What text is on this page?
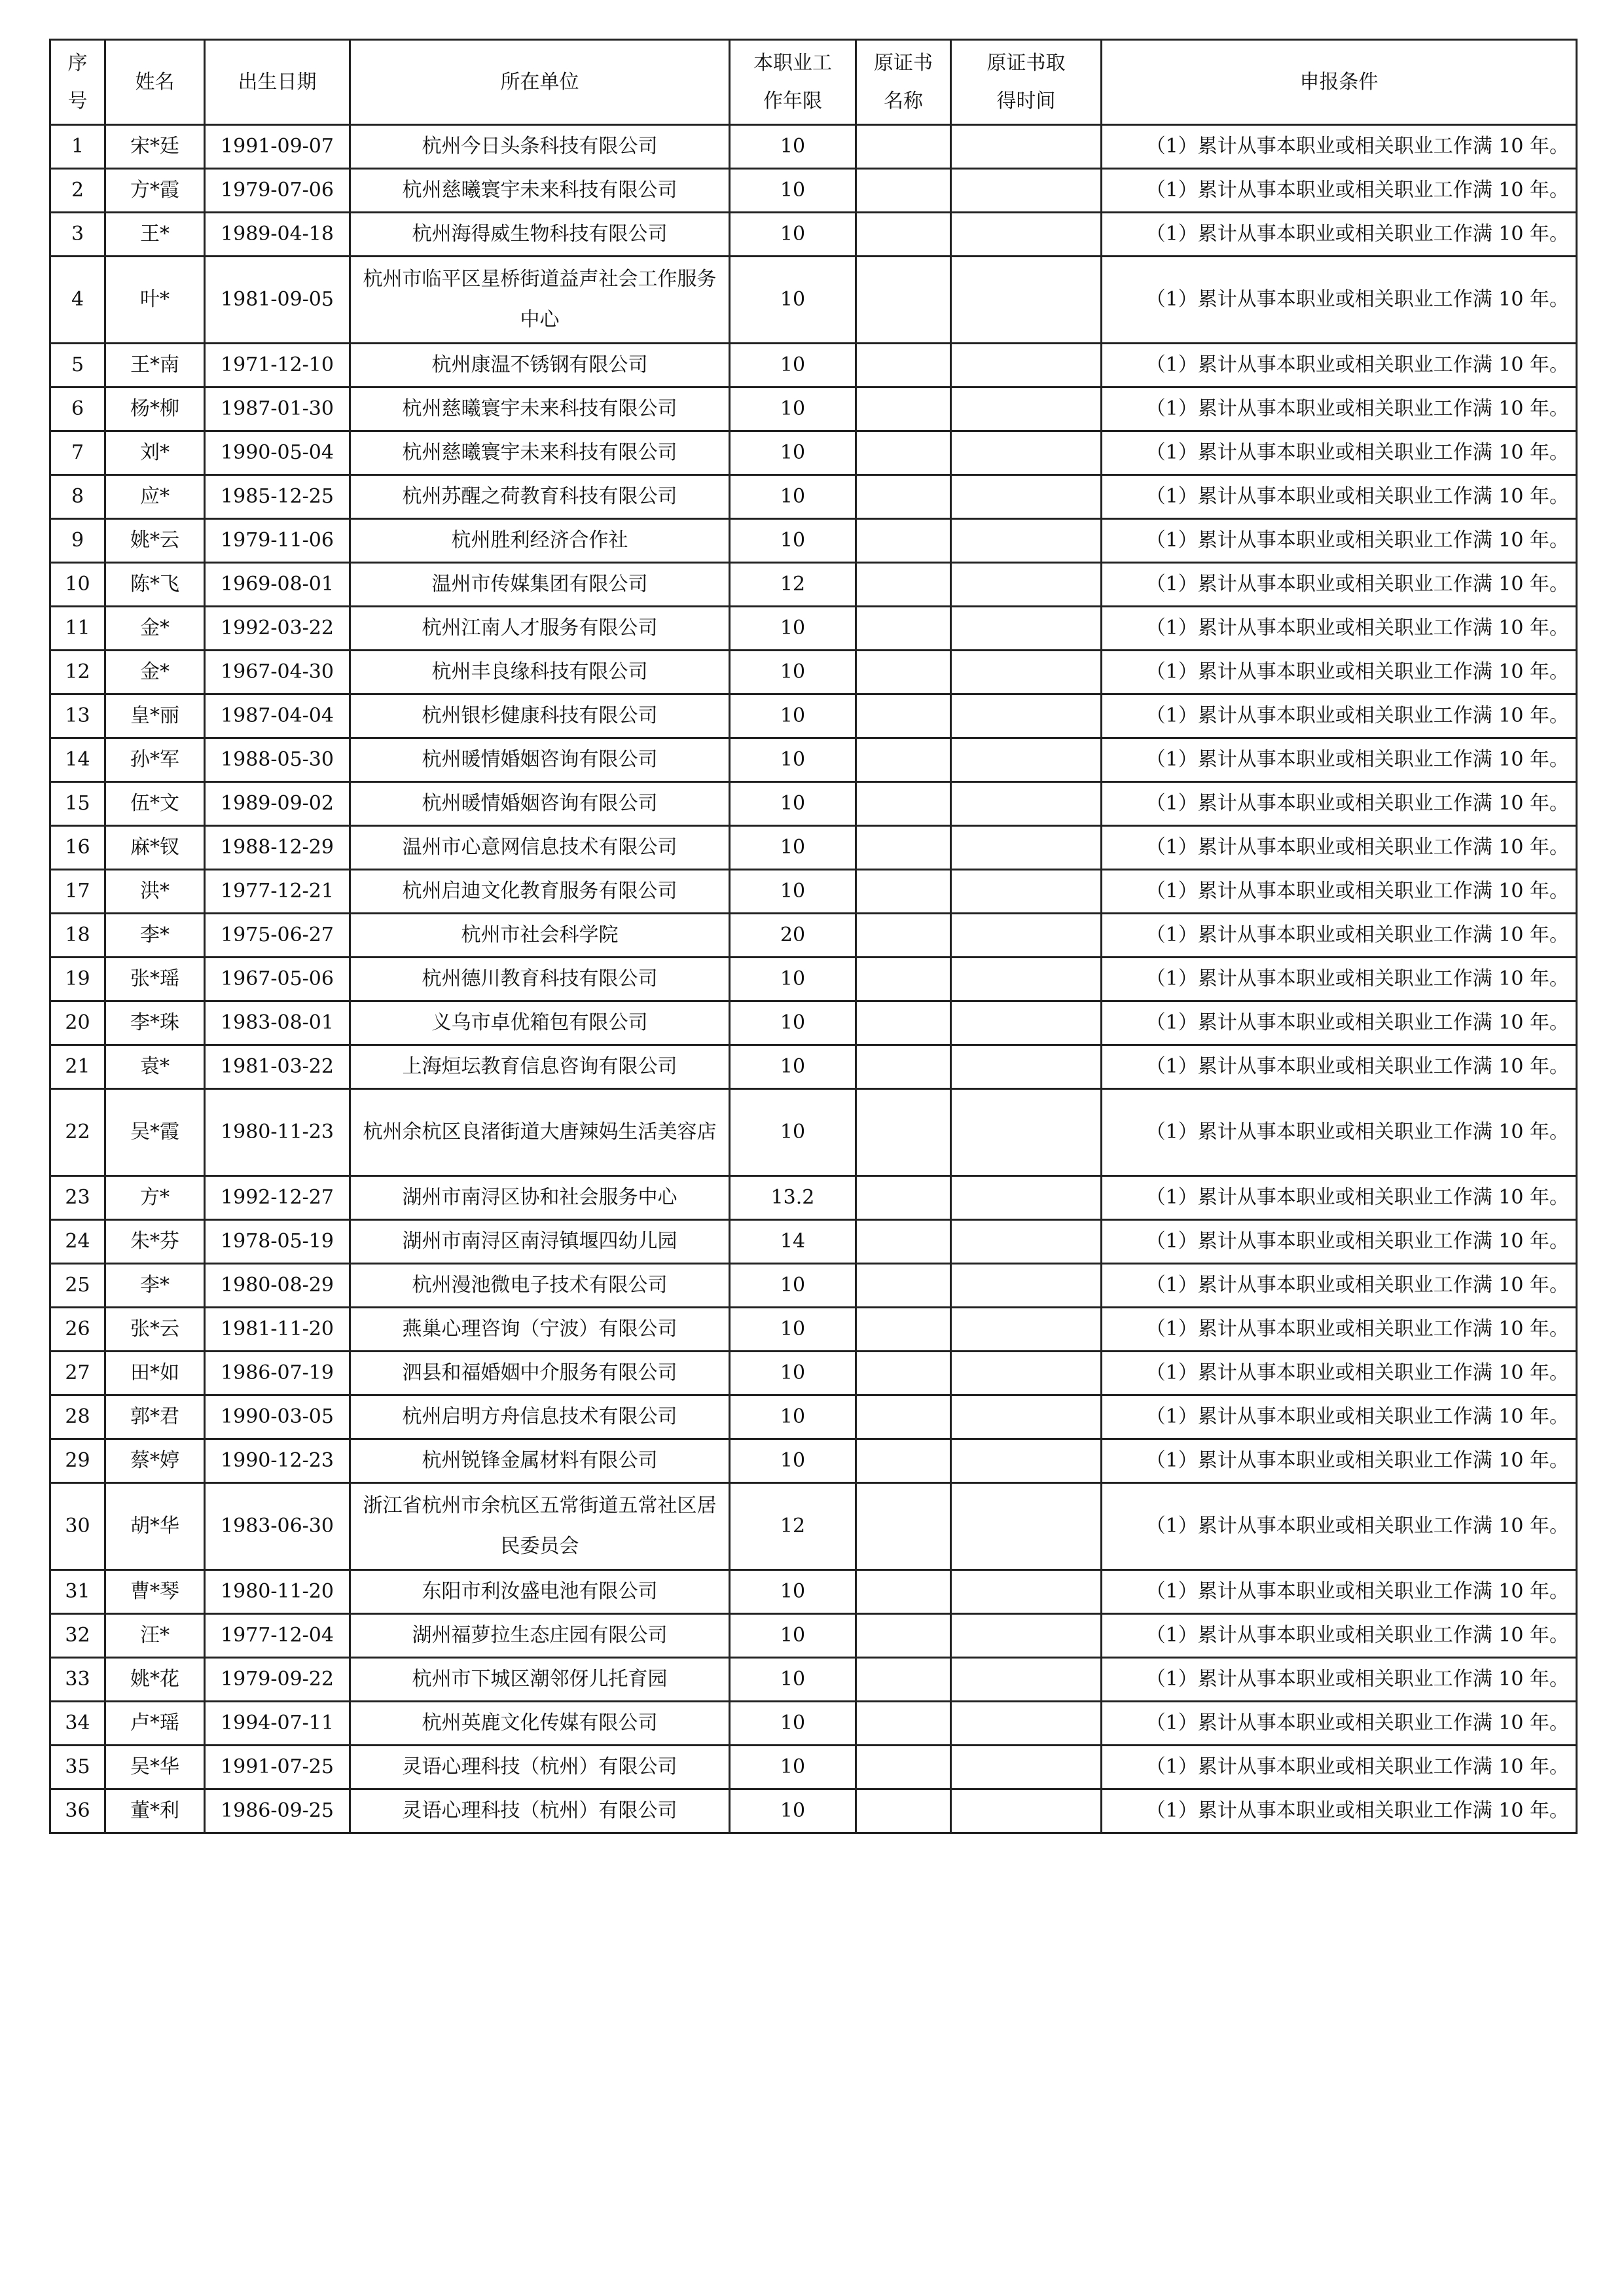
序号	姓名	出生日期	所在单位	本职业工作年限	原证书名称	原证书取得时间	申报条件
1	宋*廷	1991-09-07	杭州今日头条科技有限公司	10			（1）累计从事本职业或相关职业工作满 10 年。
2	方*霞	1979-07-06	杭州慈曦寰宇未来科技有限公司	10			（1）累计从事本职业或相关职业工作满 10 年。
3	王*	1989-04-18	杭州海得威生物科技有限公司	10			（1）累计从事本职业或相关职业工作满 10 年。
4	叶*	1981-09-05	杭州市临平区星桥街道益声社会工作服务中心	10			（1）累计从事本职业或相关职业工作满 10 年。
5	王*南	1971-12-10	杭州康温不锈钢有限公司	10			（1）累计从事本职业或相关职业工作满 10 年。
6	杨*柳	1987-01-30	杭州慈曦寰宇未来科技有限公司	10			（1）累计从事本职业或相关职业工作满 10 年。
7	刘*	1990-05-04	杭州慈曦寰宇未来科技有限公司	10			（1）累计从事本职业或相关职业工作满 10 年。
8	应*	1985-12-25	杭州苏醒之荷教育科技有限公司	10			（1）累计从事本职业或相关职业工作满 10 年。
9	姚*云	1979-11-06	杭州胜利经济合作社	10			（1）累计从事本职业或相关职业工作满 10 年。
10	陈*飞	1969-08-01	温州市传媒集团有限公司	12			（1）累计从事本职业或相关职业工作满 10 年。
11	金*	1992-03-22	杭州江南人才服务有限公司	10			（1）累计从事本职业或相关职业工作满 10 年。
12	金*	1967-04-30	杭州丰良缘科技有限公司	10			（1）累计从事本职业或相关职业工作满 10 年。
13	皇*丽	1987-04-04	杭州银杉健康科技有限公司	10			（1）累计从事本职业或相关职业工作满 10 年。
14	孙*军	1988-05-30	杭州暖情婚姻咨询有限公司	10			（1）累计从事本职业或相关职业工作满 10 年。
15	伍*文	1989-09-02	杭州暖情婚姻咨询有限公司	10			（1）累计从事本职业或相关职业工作满 10 年。
16	麻*钗	1988-12-29	温州市心意网信息技术有限公司	10			（1）累计从事本职业或相关职业工作满 10 年。
17	洪*	1977-12-21	杭州启迪文化教育服务有限公司	10			（1）累计从事本职业或相关职业工作满 10 年。
18	李*	1975-06-27	杭州市社会科学院	20			（1）累计从事本职业或相关职业工作满 10 年。
19	张*瑶	1967-05-06	杭州德川教育科技有限公司	10			（1）累计从事本职业或相关职业工作满 10 年。
20	李*珠	1983-08-01	义乌市卓优箱包有限公司	10			（1）累计从事本职业或相关职业工作满 10 年。
21	袁*	1981-03-22	上海烜坛教育信息咨询有限公司	10			（1）累计从事本职业或相关职业工作满 10 年。
22	吴*霞	1980-11-23	杭州余杭区良渚街道大唐辣妈生活美容店	10			（1）累计从事本职业或相关职业工作满 10 年。
23	方*	1992-12-27	湖州市南浔区协和社会服务中心	13.2			（1）累计从事本职业或相关职业工作满 10 年。
24	朱*芬	1978-05-19	湖州市南浔区南浔镇堰四幼儿园	14			（1）累计从事本职业或相关职业工作满 10 年。
25	李*	1980-08-29	杭州漫池微电子技术有限公司	10			（1）累计从事本职业或相关职业工作满 10 年。
26	张*云	1981-11-20	燕巢心理咨询（宁波）有限公司	10			（1）累计从事本职业或相关职业工作满 10 年。
27	田*如	1986-07-19	泗县和福婚姻中介服务有限公司	10			（1）累计从事本职业或相关职业工作满 10 年。
28	郭*君	1990-03-05	杭州启明方舟信息技术有限公司	10			（1）累计从事本职业或相关职业工作满 10 年。
29	蔡*婷	1990-12-23	杭州锐锋金属材料有限公司	10			（1）累计从事本职业或相关职业工作满 10 年。
30	胡*华	1983-06-30	浙江省杭州市余杭区五常街道五常社区居民委员会	12			（1）累计从事本职业或相关职业工作满 10 年。
31	曹*琴	1980-11-20	东阳市利汝盛电池有限公司	10			（1）累计从事本职业或相关职业工作满 10 年。
32	汪*	1977-12-04	湖州福萝拉生态庄园有限公司	10			（1）累计从事本职业或相关职业工作满 10 年。
33	姚*花	1979-09-22	杭州市下城区潮邻伢儿托育园	10			（1）累计从事本职业或相关职业工作满 10 年。
34	卢*瑶	1994-07-11	杭州英鹿文化传媒有限公司	10			（1）累计从事本职业或相关职业工作满 10 年。
35	吴*华	1991-07-25	灵语心理科技（杭州）有限公司	10			（1）累计从事本职业或相关职业工作满 10 年。
36	董*利	1986-09-25	灵语心理科技（杭州）有限公司	10			（1）累计从事本职业或相关职业工作满 10 年。
